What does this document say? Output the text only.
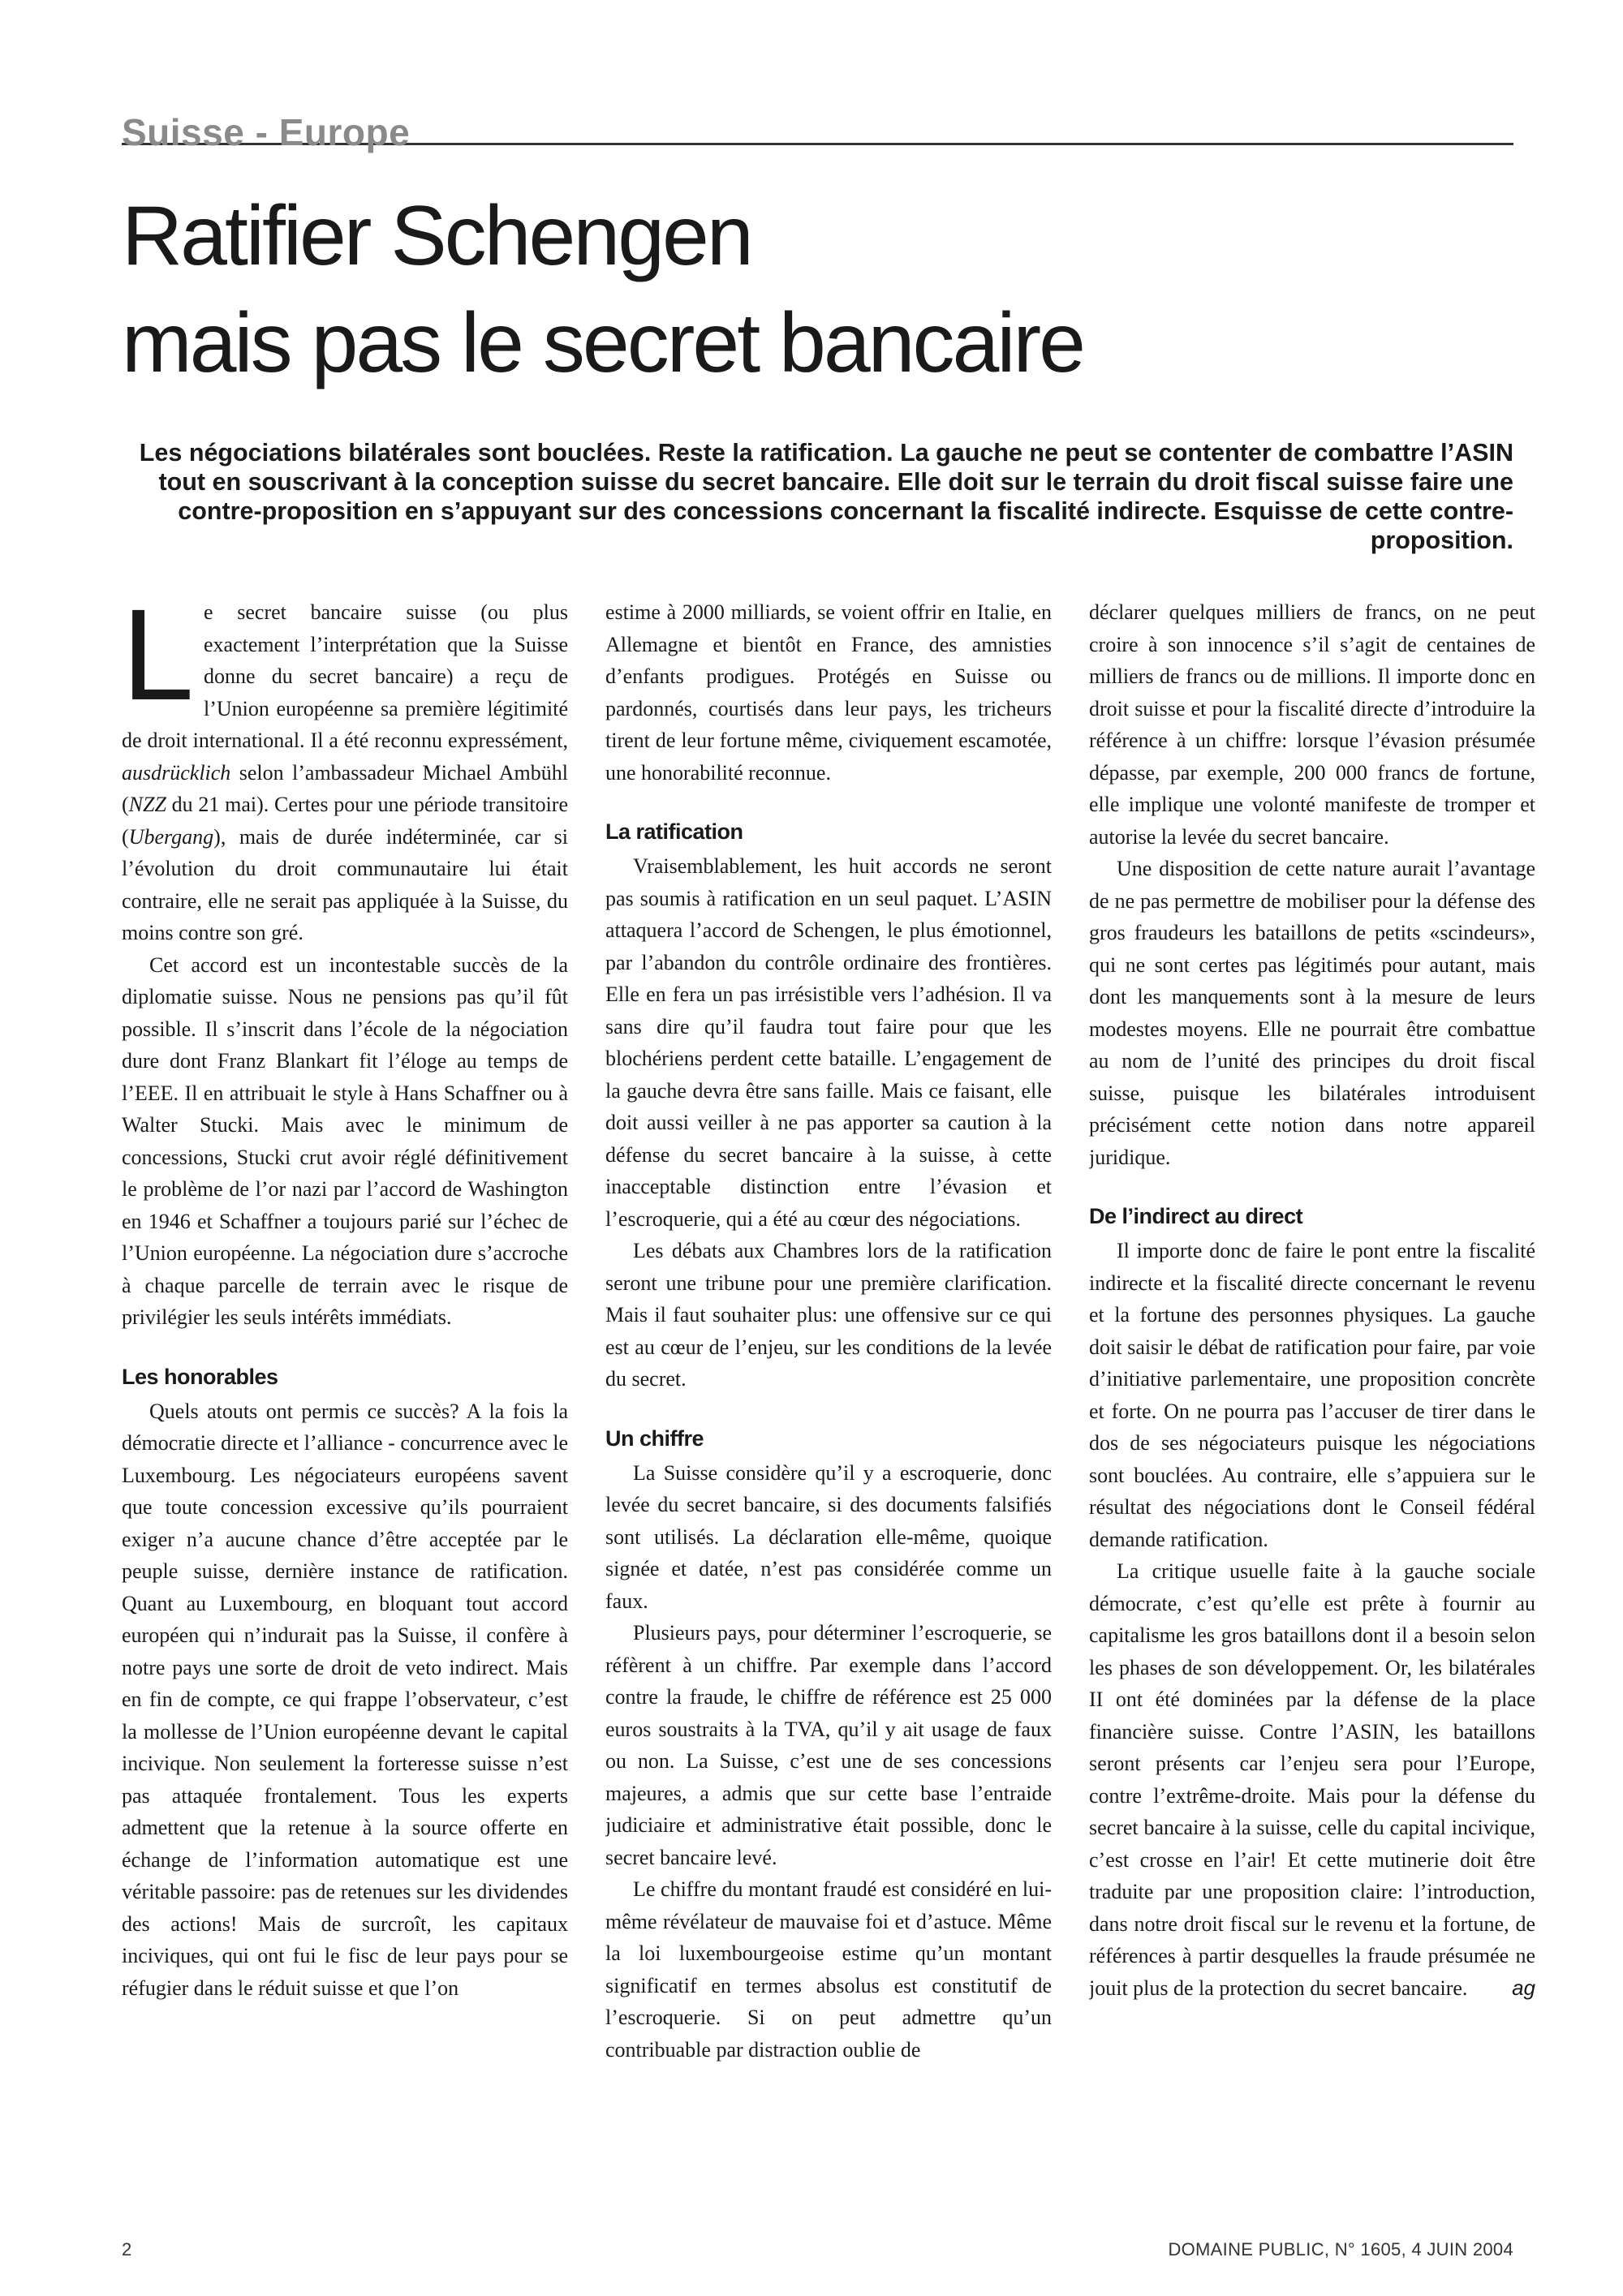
Suisse - Europe
Ratifier Schengen
mais pas le secret bancaire
Les négociations bilatérales sont bouclées. Reste la ratification. La gauche ne peut se contenter de combattre l’ASIN tout en souscrivant à la conception suisse du secret bancaire. Elle doit sur le terrain du droit fiscal suisse faire une contre-proposition en s’appuyant sur des concessions concernant la fiscalité indirecte. Esquisse de cette contre-proposition.

Le secret bancaire suisse (ou plus exactement l’interprétation que la Suisse donne du secret bancaire) a reçu de l’Union européenne sa première légitimité de droit international. Il a été reconnu expressément, ausdrücklich selon l’ambassadeur Michael Ambühl (NZZ du 21 mai). Certes pour une période transitoire (Ubergang), mais de durée indéterminée, car si l’évolution du droit communautaire lui était contraire, elle ne serait pas appliquée à la Suisse, du moins contre son gré.

Cet accord est un incontestable succès de la diplomatie suisse. Nous ne pensions pas qu’il fût possible. Il s’inscrit dans l’école de la négociation dure dont Franz Blankart fit l’éloge au temps de l’EEE. Il en attribuait le style à Hans Schaffner ou à Walter Stucki. Mais avec le minimum de concessions, Stucki crut avoir réglé définitivement le problème de l’or nazi par l’accord de Washington en 1946 et Schaffner a toujours parié sur l’échec de l’Union européenne. La négociation dure s’accroche à chaque parcelle de terrain avec le risque de privilégier les seuls intérêts immédiats.

Les honorables

Quels atouts ont permis ce succès? A la fois la démocratie directe et l’alliance - concurrence avec le Luxembourg. Les négociateurs européens savent que toute concession excessive qu’ils pourraient exiger n’a aucune chance d’être acceptée par le peuple suisse, dernière instance de ratification. Quant au Luxembourg, en bloquant tout accord européen qui n’indurait pas la Suisse, il confère à notre pays une sorte de droit de veto indirect. Mais en fin de compte, ce qui frappe l’observateur, c’est la mollesse de l’Union européenne devant le capital incivique. Non seulement la forteresse suisse n’est pas attaquée frontalement. Tous les experts admettent que la retenue à la source offerte en échange de l’information automatique est une véritable passoire: pas de retenues sur les dividendes des actions! Mais de surcroît, les capitaux inciviques, qui ont fui le fisc de leur pays pour se réfugier dans le réduit suisse et que l’on

estime à 2000 milliards, se voient offrir en Italie, en Allemagne et bientôt en France, des amnisties d’enfants prodigues. Protégés en Suisse ou pardonnés, courtisés dans leur pays, les tricheurs tirent de leur fortune même, civiquement escamotée, une honorabilité reconnue.

La ratification

Vraisemblablement, les huit accords ne seront pas soumis à ratification en un seul paquet. L’ASIN attaquera l’accord de Schengen, le plus émotionnel, par l’abandon du contrôle ordinaire des frontières. Elle en fera un pas irrésistible vers l’adhésion. Il va sans dire qu’il faudra tout faire pour que les blochériens perdent cette bataille. L’engagement de la gauche devra être sans faille. Mais ce faisant, elle doit aussi veiller à ne pas apporter sa caution à la défense du secret bancaire à la suisse, à cette inacceptable distinction entre l’évasion et l’escroquerie, qui a été au cœur des négociations.

Les débats aux Chambres lors de la ratification seront une tribune pour une première clarification. Mais il faut souhaiter plus: une offensive sur ce qui est au cœur de l’enjeu, sur les conditions de la levée du secret.

Un chiffre

La Suisse considère qu’il y a escroquerie, donc levée du secret bancaire, si des documents falsifiés sont utilisés. La déclaration elle-même, quoique signée et datée, n’est pas considérée comme un faux.

Plusieurs pays, pour déterminer l’escroquerie, se réfèrent à un chiffre. Par exemple dans l’accord contre la fraude, le chiffre de référence est 25 000 euros soustraits à la TVA, qu’il y ait usage de faux ou non. La Suisse, c’est une de ses concessions majeures, a admis que sur cette base l’entraide judiciaire et administrative était possible, donc le secret bancaire levé.

Le chiffre du montant fraudé est considéré en lui-même révélateur de mauvaise foi et d’astuce. Même la loi luxembourgeoise estime qu’un montant significatif en termes absolus est constitutif de l’escroquerie. Si on peut admettre qu’un contribuable par distraction oublie de

déclarer quelques milliers de francs, on ne peut croire à son innocence s’il s’agit de centaines de milliers de francs ou de millions. Il importe donc en droit suisse et pour la fiscalité directe d’introduire la référence à un chiffre: lorsque l’évasion présumée dépasse, par exemple, 200 000 francs de fortune, elle implique une volonté manifeste de tromper et autorise la levée du secret bancaire.

Une disposition de cette nature aurait l’avantage de ne pas permettre de mobiliser pour la défense des gros fraudeurs les bataillons de petits «scindeurs», qui ne sont certes pas légitimés pour autant, mais dont les manquements sont à la mesure de leurs modestes moyens. Elle ne pourrait être combattue au nom de l’unité des principes du droit fiscal suisse, puisque les bilatérales introduisent précisément cette notion dans notre appareil juridique.

De l’indirect au direct

Il importe donc de faire le pont entre la fiscalité indirecte et la fiscalité directe concernant le revenu et la fortune des personnes physiques. La gauche doit saisir le débat de ratification pour faire, par voie d’initiative parlementaire, une proposition concrète et forte. On ne pourra pas l’accuser de tirer dans le dos de ses négociateurs puisque les négociations sont bouclées. Au contraire, elle s’appuiera sur le résultat des négociations dont le Conseil fédéral demande ratification.

La critique usuelle faite à la gauche sociale démocrate, c’est qu’elle est prête à fournir au capitalisme les gros bataillons dont il a besoin selon les phases de son développement. Or, les bilatérales II ont été dominées par la défense de la place financière suisse. Contre l’ASIN, les bataillons seront présents car l’enjeu sera pour l’Europe, contre l’extrême-droite. Mais pour la défense du secret bancaire à la suisse, celle du capital incivique, c’est crosse en l’air! Et cette mutinerie doit être traduite par une proposition claire: l’introduction, dans notre droit fiscal sur le revenu et la fortune, de références à partir desquelles la fraude présumée ne jouit plus de la protection du secret bancaire.	ag

2	DOMAINE PUBLIC, N° 1605, 4 JUIN 2004
